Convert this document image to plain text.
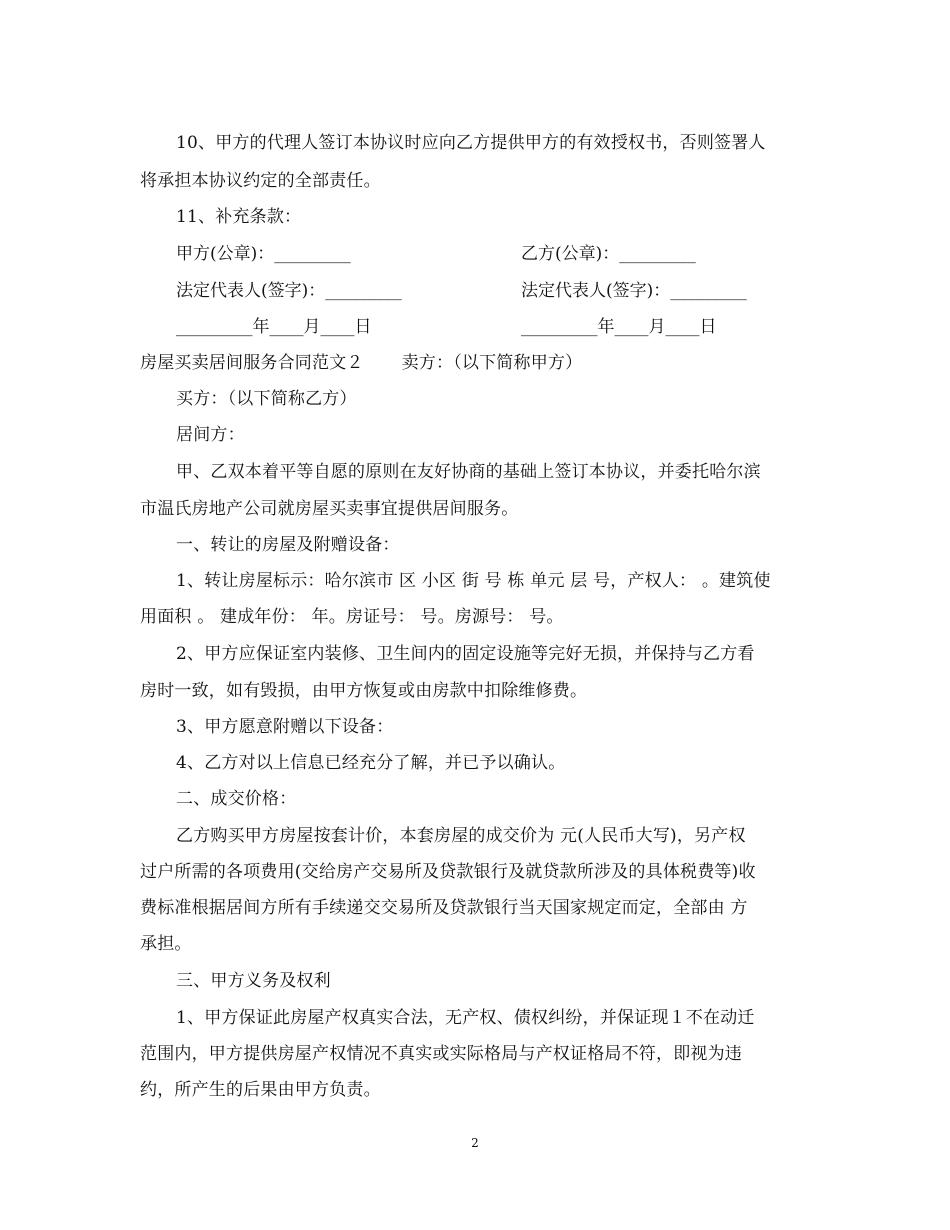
10、甲方的代理人签订本协议时应向乙方提供甲方的有效授权书，否则签署人
将承担本协议约定的全部责任。
11、补充条款：
甲方(公章)：_________	乙方(公章)：_________
法定代表人(签字)：_________	法定代表人(签字)：_________
_________年____月____日	_________年____月____日
房屋买卖居间服务合同范文２ 卖方：（以下简称甲方）
买方：（以下简称乙方）
居间方：
甲、乙双本着平等自愿的原则在友好协商的基础上签订本协议，并委托哈尔滨
市温氏房地产公司就房屋买卖事宜提供居间服务。
一、转让的房屋及附赠设备：
1、转让房屋标示：哈尔滨市 区 小区 街 号 栋 单元 层 号，产权人： 。建筑使
用面积 。 建成年份： 年。房证号： 号。房源号： 号。
2、甲方应保证室内装修、卫生间内的固定设施等完好无损，并保持与乙方看
房时一致，如有毁损，由甲方恢复或由房款中扣除维修费。
3、甲方愿意附赠以下设备：
4、乙方对以上信息已经充分了解，并已予以确认。
二、成交价格：
乙方购买甲方房屋按套计价，本套房屋的成交价为 元(人民币大写)，另产权
过户所需的各项费用(交给房产交易所及贷款银行及就贷款所涉及的具体税费等)收
费标准根据居间方所有手续递交交易所及贷款银行当天国家规定而定，全部由 方
承担。
三、甲方义务及权利
1、甲方保证此房屋产权真实合法，无产权、债权纠纷，并保证现１不在动迁
范围内，甲方提供房屋产权情况不真实或实际格局与产权证格局不符，即视为违
约，所产生的后果由甲方负责。
2
